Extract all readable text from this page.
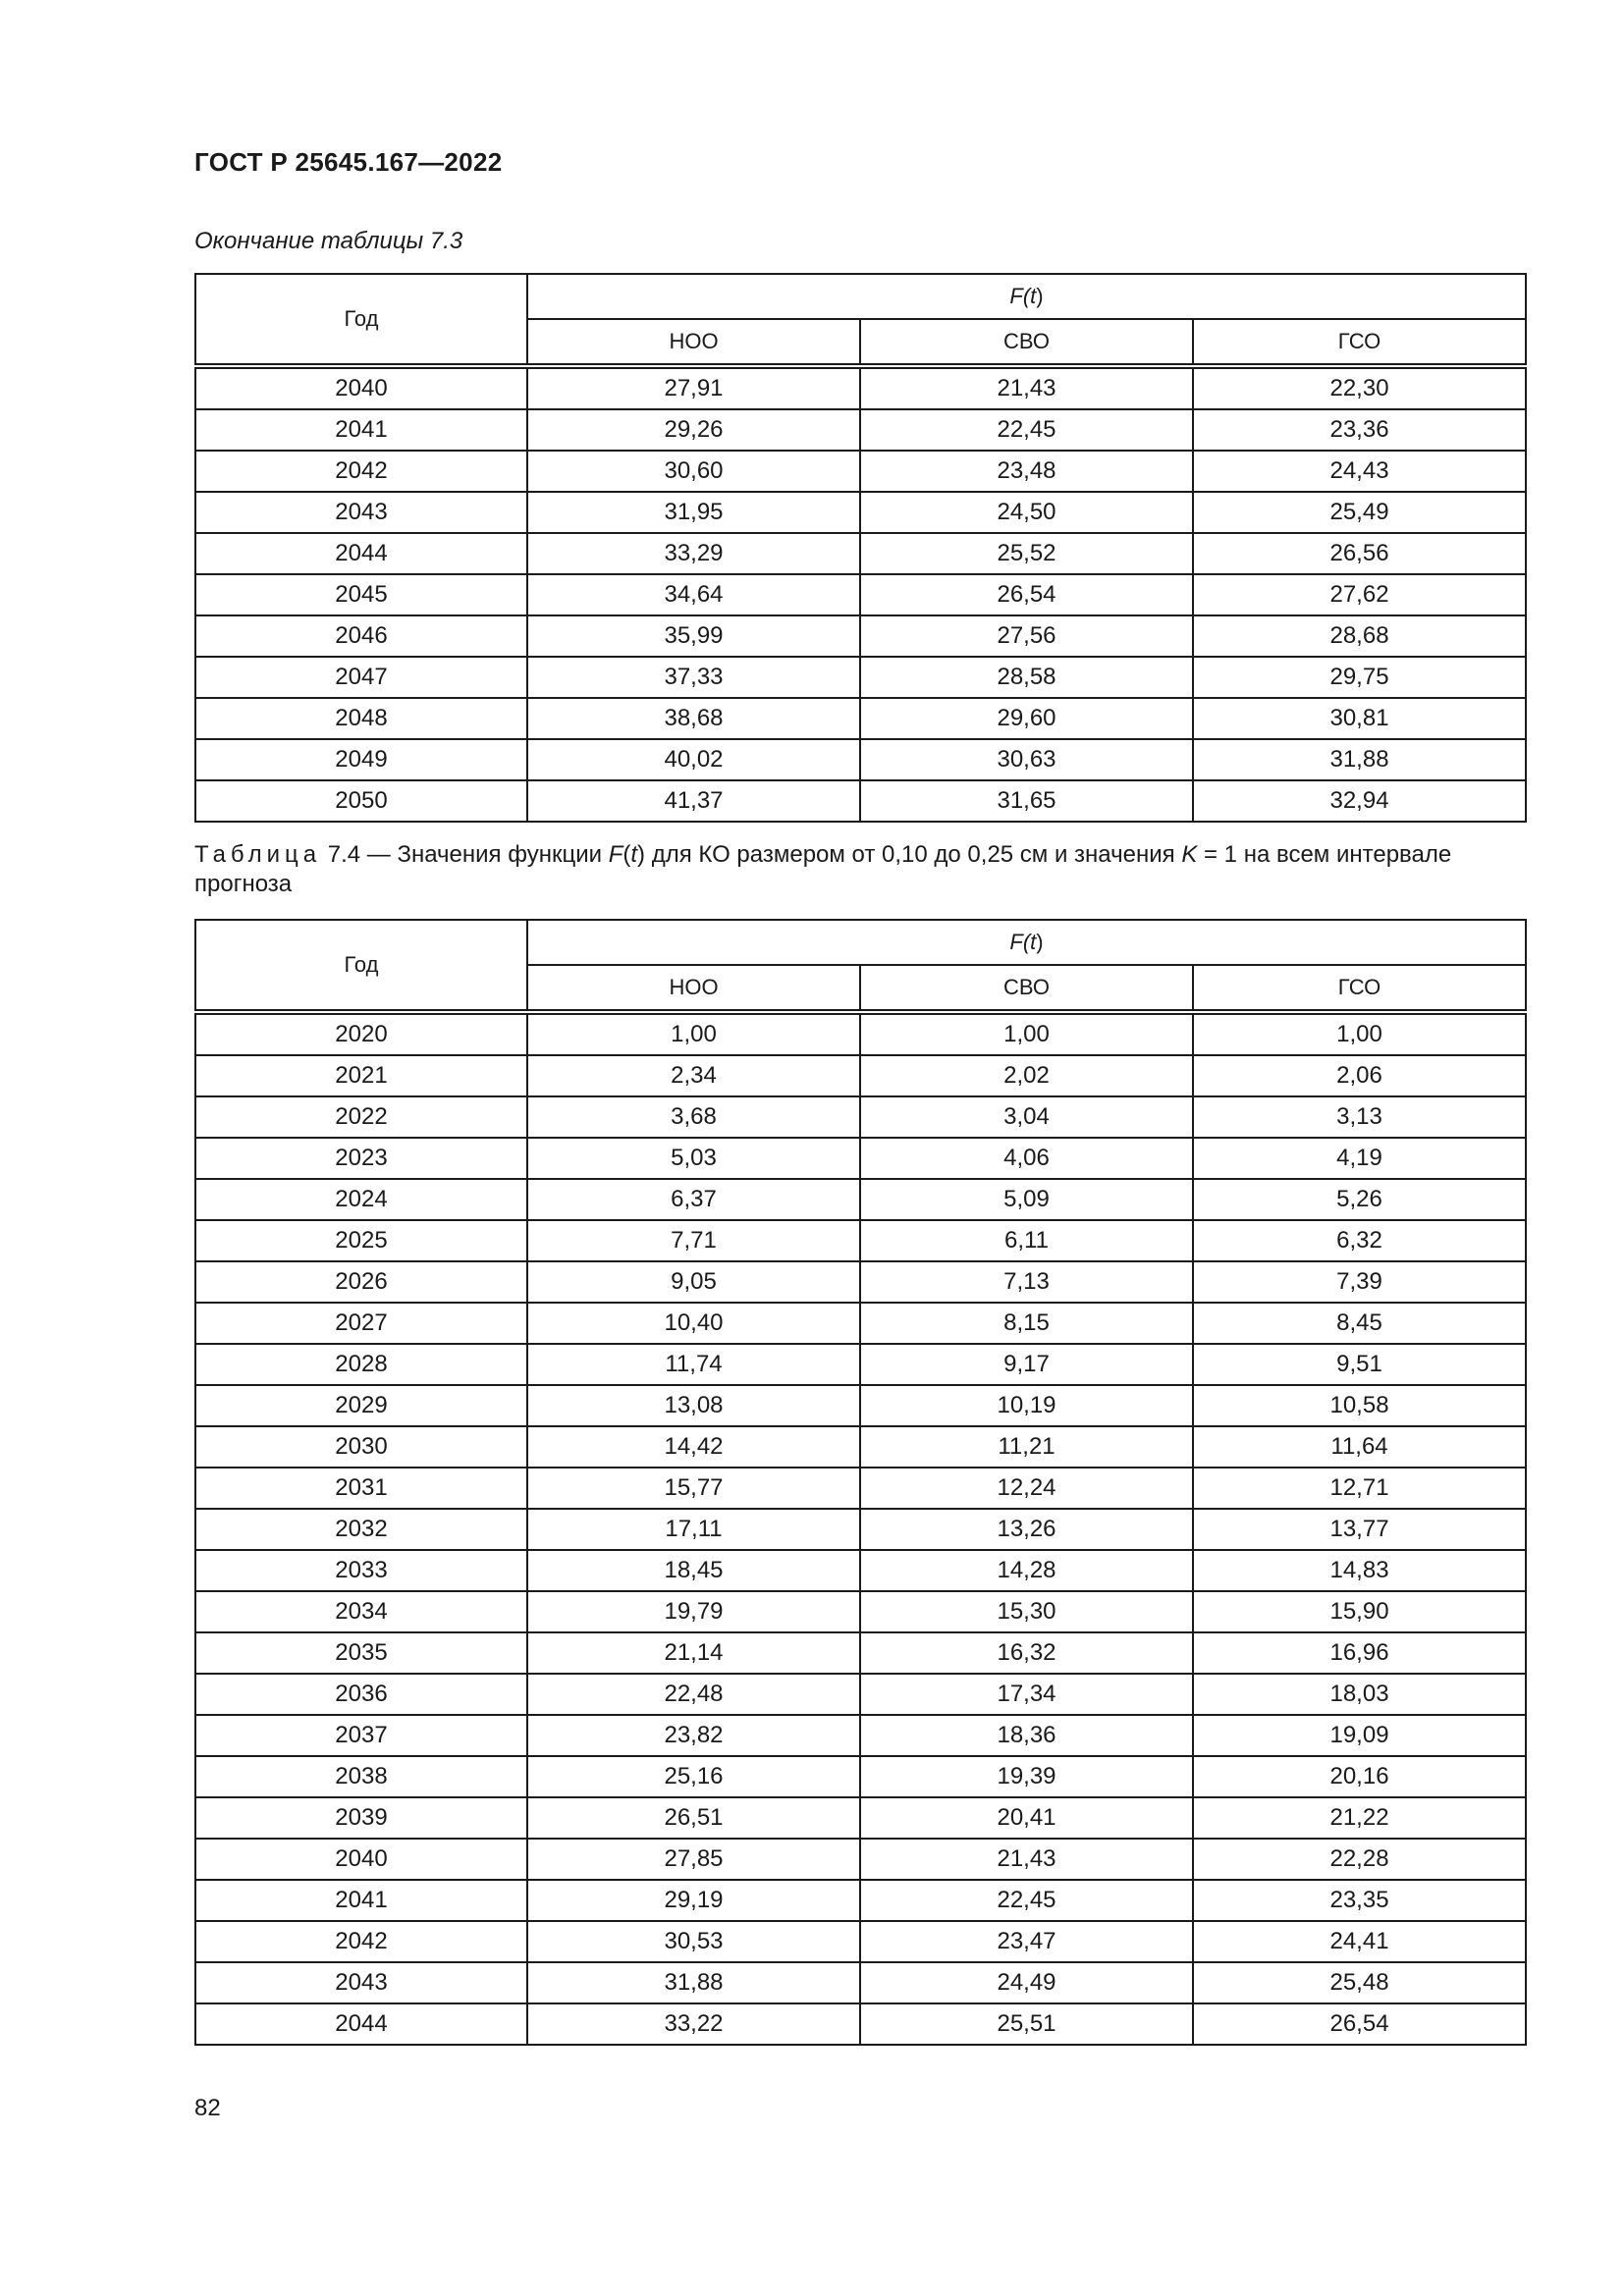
ГОСТ Р 25645.167—2022
Окончание таблицы 7.3
Год	F(t)		
	НОО	СВО	ГСО
2040	27,91	21,43	22,30
2041	29,26	22,45	23,36
2042	30,60	23,48	24,43
2043	31,95	24,50	25,49
2044	33,29	25,52	26,56
2045	34,64	26,54	27,62
2046	35,99	27,56	28,68
2047	37,33	28,58	29,75
2048	38,68	29,60	30,81
2049	40,02	30,63	31,88
2050	41,37	31,65	32,94
Таблица 7.4 — Значения функции F(t) для КО размером от 0,10 до 0,25 см и значения K = 1 на всем интервале прогноза
Год	F(t)		
	НОО	СВО	ГСО
2020	1,00	1,00	1,00
2021	2,34	2,02	2,06
2022	3,68	3,04	3,13
2023	5,03	4,06	4,19
2024	6,37	5,09	5,26
2025	7,71	6,11	6,32
2026	9,05	7,13	7,39
2027	10,40	8,15	8,45
2028	11,74	9,17	9,51
2029	13,08	10,19	10,58
2030	14,42	11,21	11,64
2031	15,77	12,24	12,71
2032	17,11	13,26	13,77
2033	18,45	14,28	14,83
2034	19,79	15,30	15,90
2035	21,14	16,32	16,96
2036	22,48	17,34	18,03
2037	23,82	18,36	19,09
2038	25,16	19,39	20,16
2039	26,51	20,41	21,22
2040	27,85	21,43	22,28
2041	29,19	22,45	23,35
2042	30,53	23,47	24,41
2043	31,88	24,49	25,48
2044	33,22	25,51	26,54
82
